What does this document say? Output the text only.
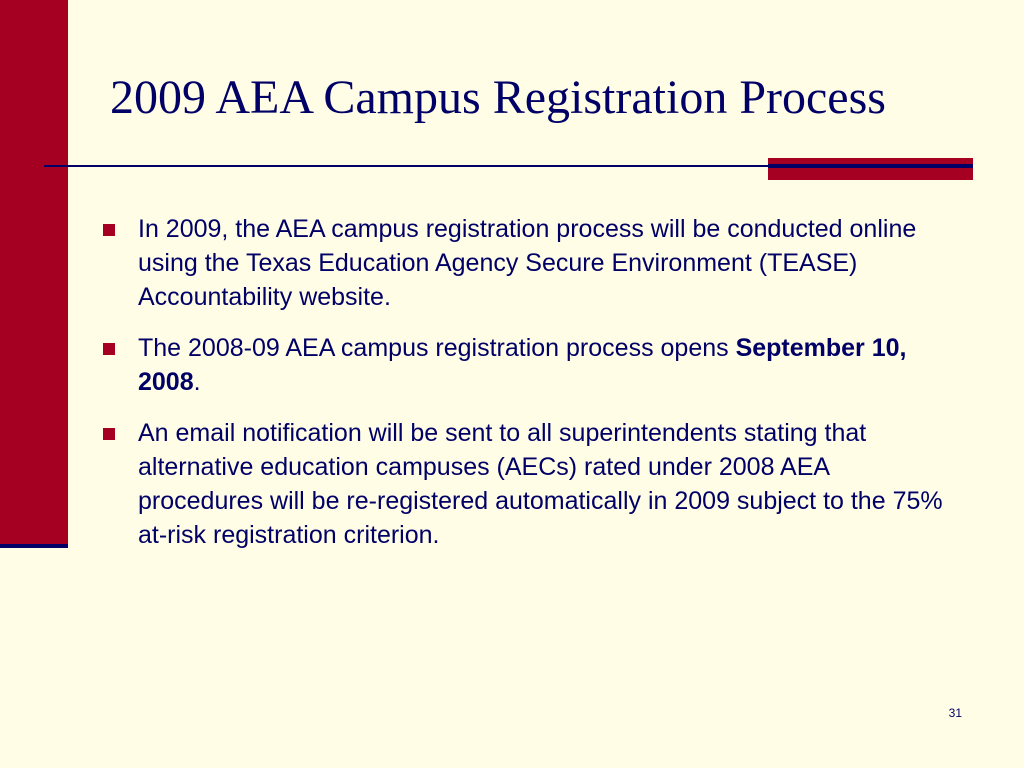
2009 AEA Campus Registration Process
In 2009, the AEA campus registration process will be conducted online using the Texas Education Agency Secure Environment (TEASE) Accountability website.
The 2008-09 AEA campus registration process opens September 10, 2008.
An email notification will be sent to all superintendents stating that alternative education campuses (AECs) rated under 2008 AEA procedures will be re-registered automatically in 2009 subject to the 75% at-risk registration criterion.
31
